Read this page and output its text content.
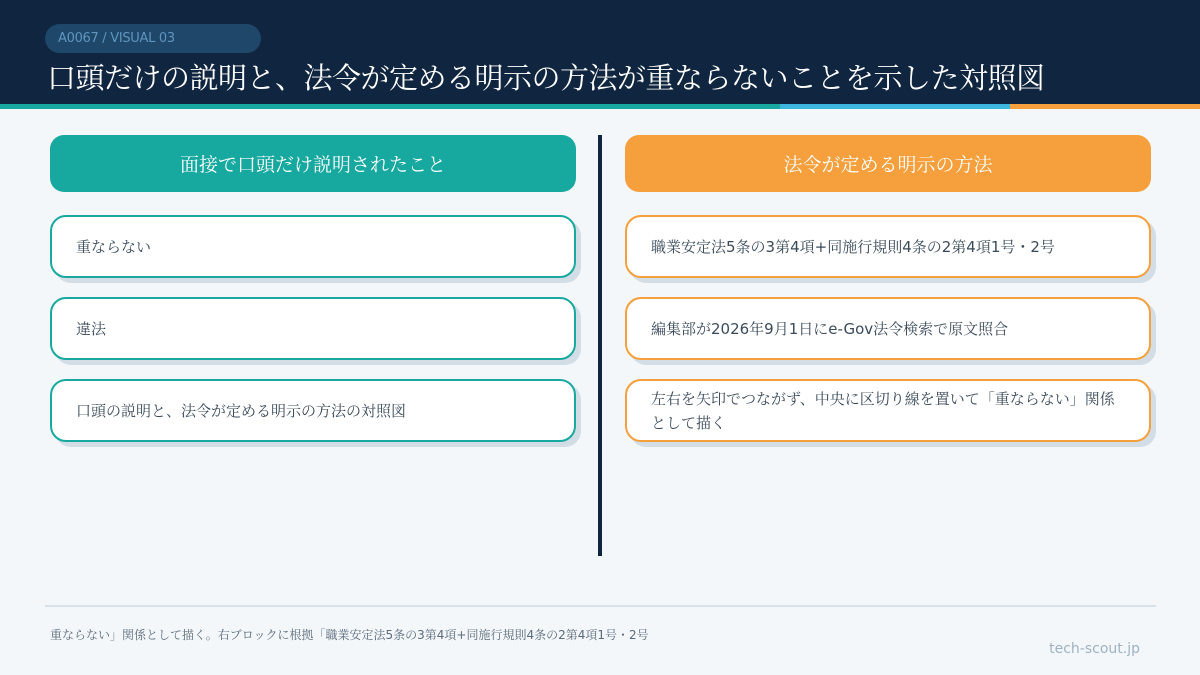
A0067 / VISUAL 03
口頭だけの説明と、法令が定める明示の方法が重ならないことを示した対照図
面接で口頭だけ説明されたこと	法令が定める明示の方法
重ならない
違法
口頭の説明と、法令が定める明示の方法の対照図
職業安定法5条の3第4項+同施行規則4条の2第4項1号・2号
編集部が2026年9月1日にe-Gov法令検索で原文照合
左右を矢印でつながず、中央に区切り線を置いて「重ならない」関係として描く
重ならない」関係として描く。右ブロックに根拠「職業安定法5条の3第4項+同施行規則4条の2第4項1号・2号
tech-scout.jp
